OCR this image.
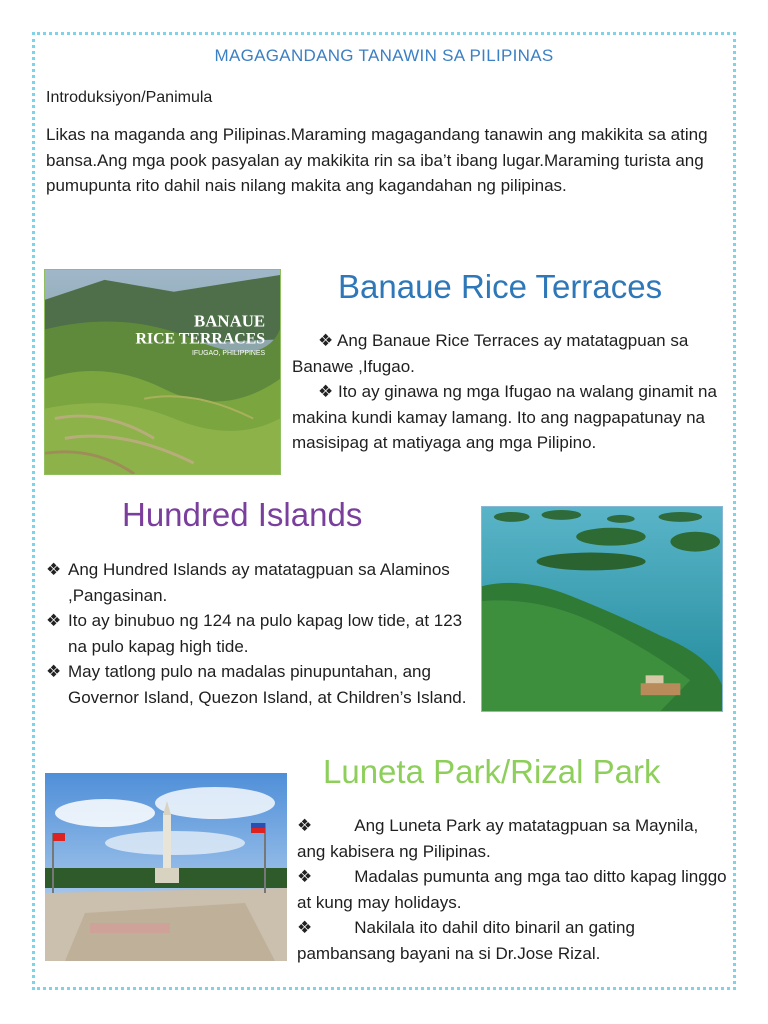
MAGAGANDANG TANAWIN SA PILIPINAS
Introduksiyon/Panimula
Likas na maganda ang Pilipinas.Maraming magagandang tanawin ang makikita sa ating bansa.Ang mga pook pasyalan ay makikita rin sa iba’t ibang lugar.Maraming turista ang pumupunta rito dahil nais nilang makita ang kagandahan ng pilipinas.
BANAUE
RICE TERRACES
IFUGAO, PHILIPPINES
Banaue Rice Terraces
❖ Ang Banaue Rice Terraces ay matatagpuan sa Banawe ,Ifugao.
❖ Ito ay ginawa ng mga Ifugao na walang ginamit na makina kundi kamay lamang. Ito ang nagpapatunay na masisipag at matiyaga ang mga Pilipino.
Hundred Islands
❖ Ang Hundred Islands ay matatagpuan sa Alaminos ,Pangasinan.
❖ Ito ay binubuo ng 124 na pulo kapag low tide, at 123 na pulo kapag high tide.
❖ May tatlong pulo na madalas pinupuntahan, ang Governor Island, Quezon Island, at Children’s Island.
Luneta Park/Rizal Park
❖ Ang Luneta Park ay matatagpuan sa Maynila, ang kabisera ng Pilipinas.
❖ Madalas pumunta ang mga tao ditto kapag linggo at kung may holidays.
❖ Nakilala ito dahil dito binaril an gating pambansang bayani na si Dr.Jose Rizal.
